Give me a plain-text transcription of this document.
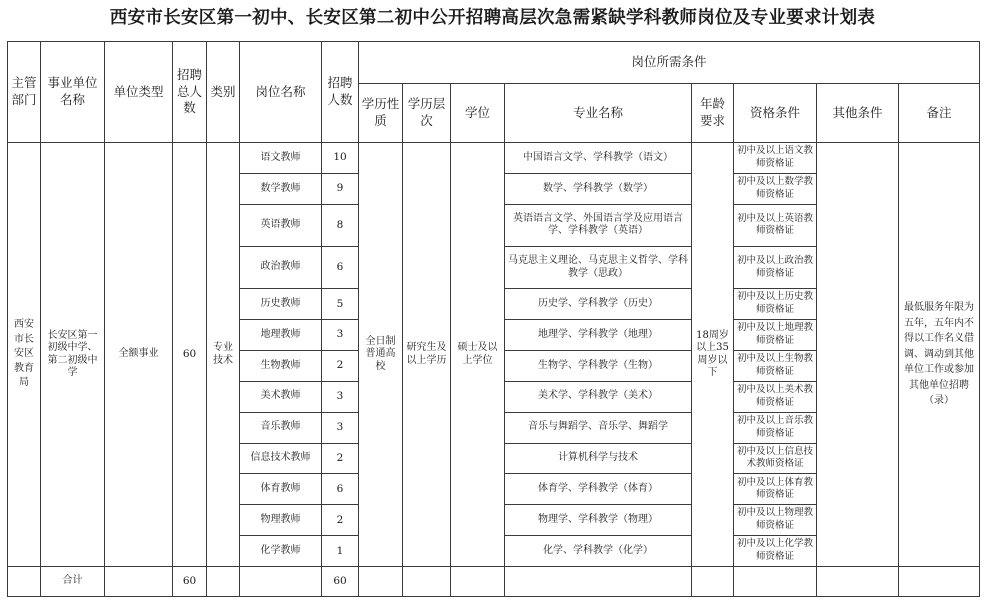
西安市长安区第一初中、长安区第二初中公开招聘高层次急需紧缺学科教师岗位及专业要求计划表
主管部门	事业单位名称	单位类型	招聘总人数	类别	岗位名称	招聘人数	岗位所需条件							
							学历性质	学历层次	学位	专业名称	年龄要求	资格条件	其他条件	备注
西安市长安区教育局	长安区第一初级中学、第二初级中学	全额事业	60	专业技术	语文教师	10	全日制普通高校	研究生及以上学历	硕士及以上学位	中国语言文学、学科教学（语文）	18周岁以上35周岁以下	初中及以上语文教师资格证		最低服务年限为五年，五年内不得以工作名义借调、调动到其他单位工作或参加其他单位招聘（录）
					数学教师	9				数学、学科教学（数学）		初中及以上数学教师资格证		
					英语教师	8				英语语言文学、外国语言学及应用语言学、学科教学（英语）		初中及以上英语教师资格证		
					政治教师	6				马克思主义理论、马克思主义哲学、学科教学（思政）		初中及以上政治教师资格证		
					历史教师	5				历史学、学科教学（历史）		初中及以上历史教师资格证		
					地理教师	3				地理学、学科教学（地理）		初中及以上地理教师资格证		
					生物教师	2				生物学、学科教学（生物）		初中及以上生物教师资格证		
					美术教师	3				美术学、学科教学（美术）		初中及以上美术教师资格证		
					音乐教师	3				音乐与舞蹈学、音乐学、舞蹈学		初中及以上音乐教师资格证		
					信息技术教师	2				计算机科学与技术		初中及以上信息技术教师资格证		
					体育教师	6				体育学、学科教学（体育）		初中及以上体育教师资格证		
					物理教师	2				物理学、学科教学（物理）		初中及以上物理教师资格证		
					化学教师	1				化学、学科教学（化学）		初中及以上化学教师资格证		
	合计		60			60								
